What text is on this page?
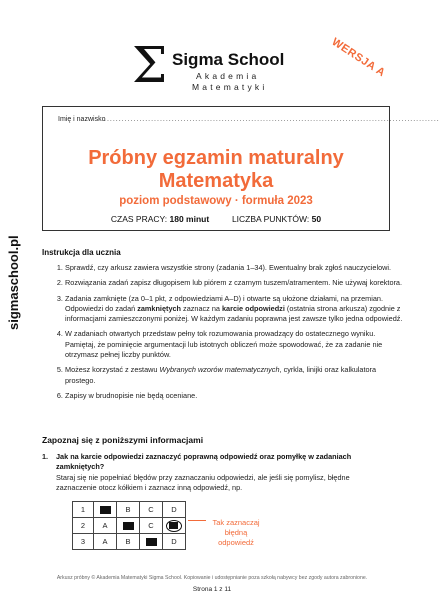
Σ Sigma School
Akademia
Matematyki
WERSJA A
sigmaschool.pl
Imię i nazwisko
..................................................................................................................
Próbny egzamin maturalny
Matematyka
poziom podstawowy · formuła 2023
CZAS PRACY: 180 minut	LICZBA PUNKTÓW: 50
Instrukcja dla ucznia
1. Sprawdź, czy arkusz zawiera wszystkie strony (zadania 1–34). Ewentualny brak zgłoś nauczycielowi.
2. Rozwiązania zadań zapisz długopisem lub piórem z czarnym tuszem/atramentem. Nie używaj korektora.
3. Zadania zamknięte (za 0–1 pkt, z odpowiedziami A–D) i otwarte są ułożone działami, na przemian. Odpowiedzi do zadań zamkniętych zaznacz na karcie odpowiedzi (ostatnia strona arkusza) zgodnie z informacjami zamieszczonymi poniżej. W każdym zadaniu poprawna jest zawsze tylko jedna odpowiedź.
4. W zadaniach otwartych przedstaw pełny tok rozumowania prowadzący do ostatecznego wyniku. Pamiętaj, że pominięcie argumentacji lub istotnych obliczeń może spowodować, że za zadanie nie otrzymasz pełnej liczby punktów.
5. Możesz korzystać z zestawu Wybranych wzorów matematycznych, cyrkla, linijki oraz kalkulatora prostego.
6. Zapisy w brudnopisie nie będą oceniane.
Zapoznaj się z poniższymi informacjami
1. Jak na karcie odpowiedzi zaznaczyć poprawną odpowiedź oraz pomyłkę w zadaniach zamkniętych?
Staraj się nie popełniać błędów przy zaznaczaniu odpowiedzi, ale jeśli się pomylisz, błędne zaznaczenie otocz kółkiem i zaznacz inną odpowiedź, np.
1		B	C	D
2	A		C	

3	A	B		D
Tak zaznaczaj błędną odpowiedź
Arkusz próbny © Akademia Matematyki Sigma School. Kopiowanie i udostępnianie poza szkołą nabywcy bez zgody autora zabronione.
Strona 1 z 11
